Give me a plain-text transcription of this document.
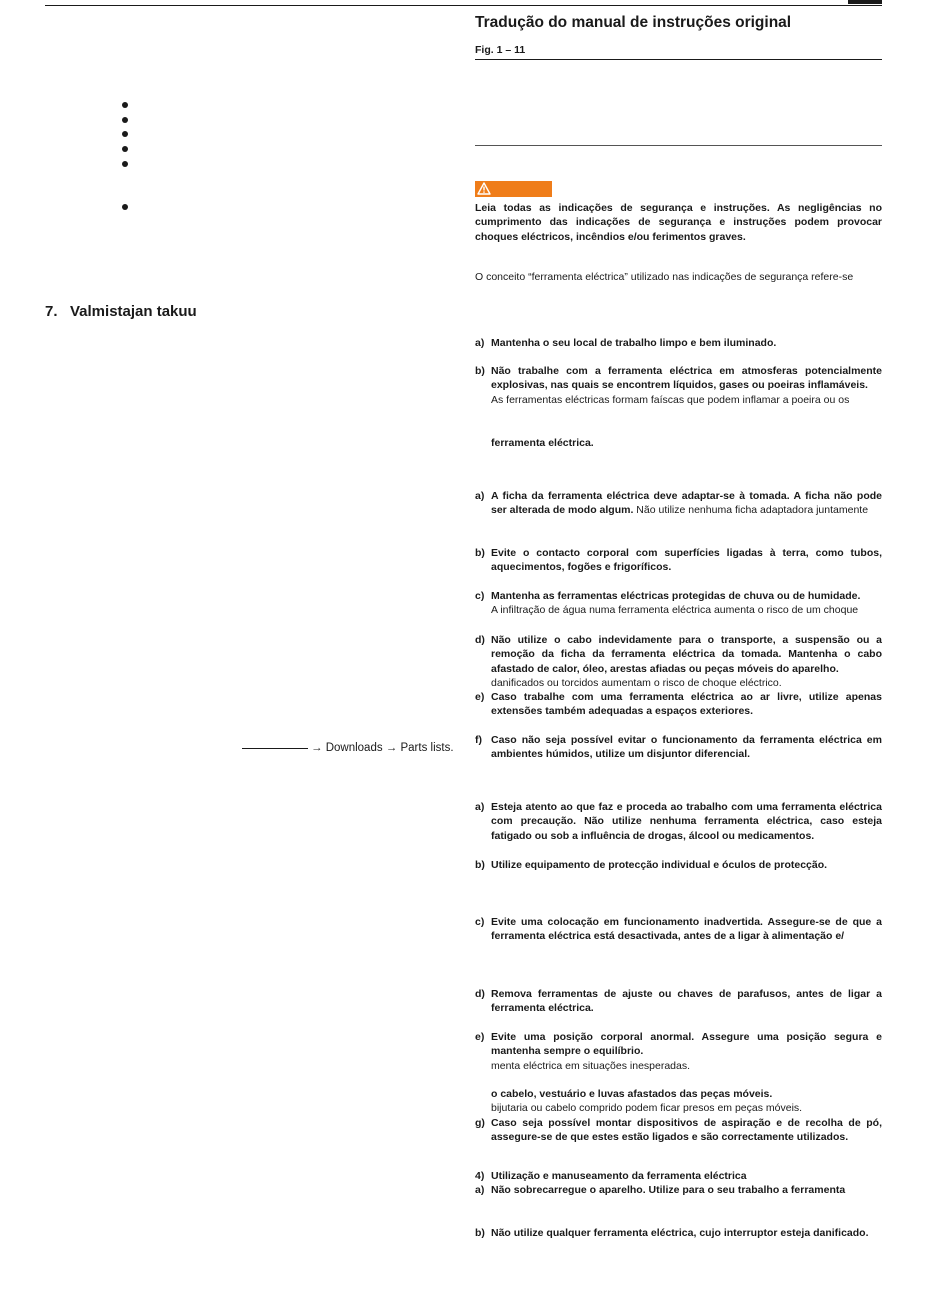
7. Valmistajan takuu
→ Downloads → Parts lists.
Tradução do manual de instruções original
Fig. 1 – 11

Leia todas as indicações de segurança e instruções. As negligências no cumprimento das indicações de segurança e instruções podem provocar choques eléctricos, incêndios e/ou ferimentos graves.

O conceito “ferramenta eléctrica” utilizado nas indicações de segurança refere-se

a) Mantenha o seu local de trabalho limpo e bem iluminado.
b) Não trabalhe com a ferramenta eléctrica em atmosferas potencialmente explosivas, nas quais se encontrem líquidos, gases ou poeiras inflamáveis.
As ferramentas eléctricas formam faíscas que podem inflamar a poeira ou os
ferramenta eléctrica.
a) A ficha da ferramenta eléctrica deve adaptar-se à tomada. A ficha não pode ser alterada de modo algum. Não utilize nenhuma ficha adaptadora juntamente
b) Evite o contacto corporal com superfícies ligadas à terra, como tubos, aquecimentos, fogões e frigoríficos.
c) Mantenha as ferramentas eléctricas protegidas de chuva ou de humidade.
A infiltração de água numa ferramenta eléctrica aumenta o risco de um choque
d) Não utilize o cabo indevidamente para o transporte, a suspensão ou a remoção da ficha da ferramenta eléctrica da tomada. Mantenha o cabo afastado de calor, óleo, arestas afiadas ou peças móveis do aparelho.
danificados ou torcidos aumentam o risco de choque eléctrico.
e) Caso trabalhe com uma ferramenta eléctrica ao ar livre, utilize apenas extensões também adequadas a espaços exteriores.
f) Caso não seja possível evitar o funcionamento da ferramenta eléctrica em ambientes húmidos, utilize um disjuntor diferencial.
a) Esteja atento ao que faz e proceda ao trabalho com uma ferramenta eléctrica com precaução. Não utilize nenhuma ferramenta eléctrica, caso esteja fatigado ou sob a influência de drogas, álcool ou medicamentos.
b) Utilize equipamento de protecção individual e óculos de protecção.
c) Evite uma colocação em funcionamento inadvertida. Assegure-se de que a ferramenta eléctrica está desactivada, antes de a ligar à alimentação e/
d) Remova ferramentas de ajuste ou chaves de parafusos, antes de ligar a ferramenta eléctrica.
e) Evite uma posição corporal anormal. Assegure uma posição segura e mantenha sempre o equilíbrio.
menta eléctrica em situações inesperadas.
o cabelo, vestuário e luvas afastados das peças móveis.
bijutaria ou cabelo comprido podem ficar presos em peças móveis.
g) Caso seja possível montar dispositivos de aspiração e de recolha de pó, assegure-se de que estes estão ligados e são correctamente utilizados.
4) Utilização e manuseamento da ferramenta eléctrica
a) Não sobrecarregue o aparelho. Utilize para o seu trabalho a ferramenta
b) Não utilize qualquer ferramenta eléctrica, cujo interruptor esteja danificado.
